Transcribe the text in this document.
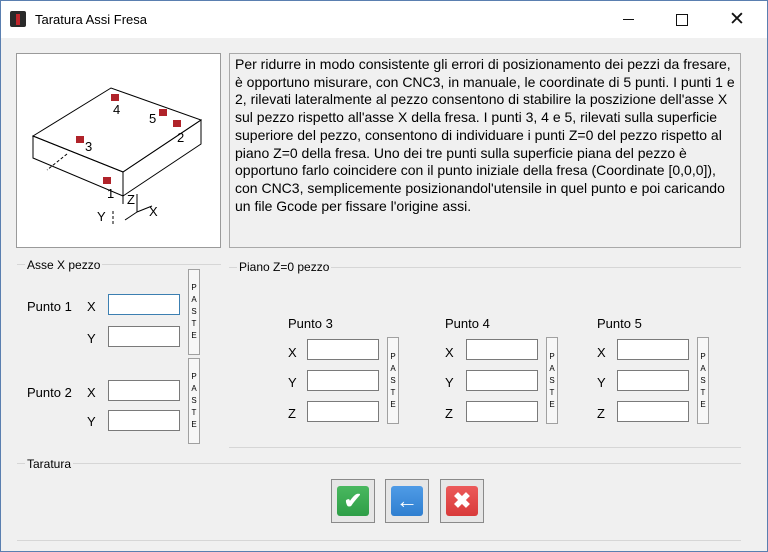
Taratura Assi Fresa	✕
4
5
2
3
1
Y
Z
X
Per ridurre in modo consistente gli errori di posizionamento dei pezzi da fresare, è opportuno misurare, con CNC3, in manuale, le coordinate di 5 punti. I punti 1 e 2, rilevati lateralmente al pezzo consentono di stabilire la poszizione dell'asse X sul pezzo rispetto all'asse X della fresa. I punti 3, 4 e 5, rilevati sulla superficie superiore del pezzo, consentono di individuare i punti Z=0 del pezzo rispetto al piano Z=0 della fresa. Uno dei tre punti sulla superficie piana del pezzo è opportuno farlo coincidere con il punto iniziale della fresa (Coordinate [0,0,0]), con CNC3, semplicemente posizionandol'utensile in quel punto e poi caricando un file Gcode per fissare l'origine assi.
Asse X pezzo
Punto 1 X
Y
P
A
S
T
E
Punto 2 X
Y
P
A
S
T
E
Piano Z=0 pezzo
Punto 3
X
Y
Z
P
A
S
T
E
Punto 4
X
Y
Z
P
A
S
T
E
Punto 5
X
Y
Z
P
A
S
T
E
Taratura
✔	←	✖
